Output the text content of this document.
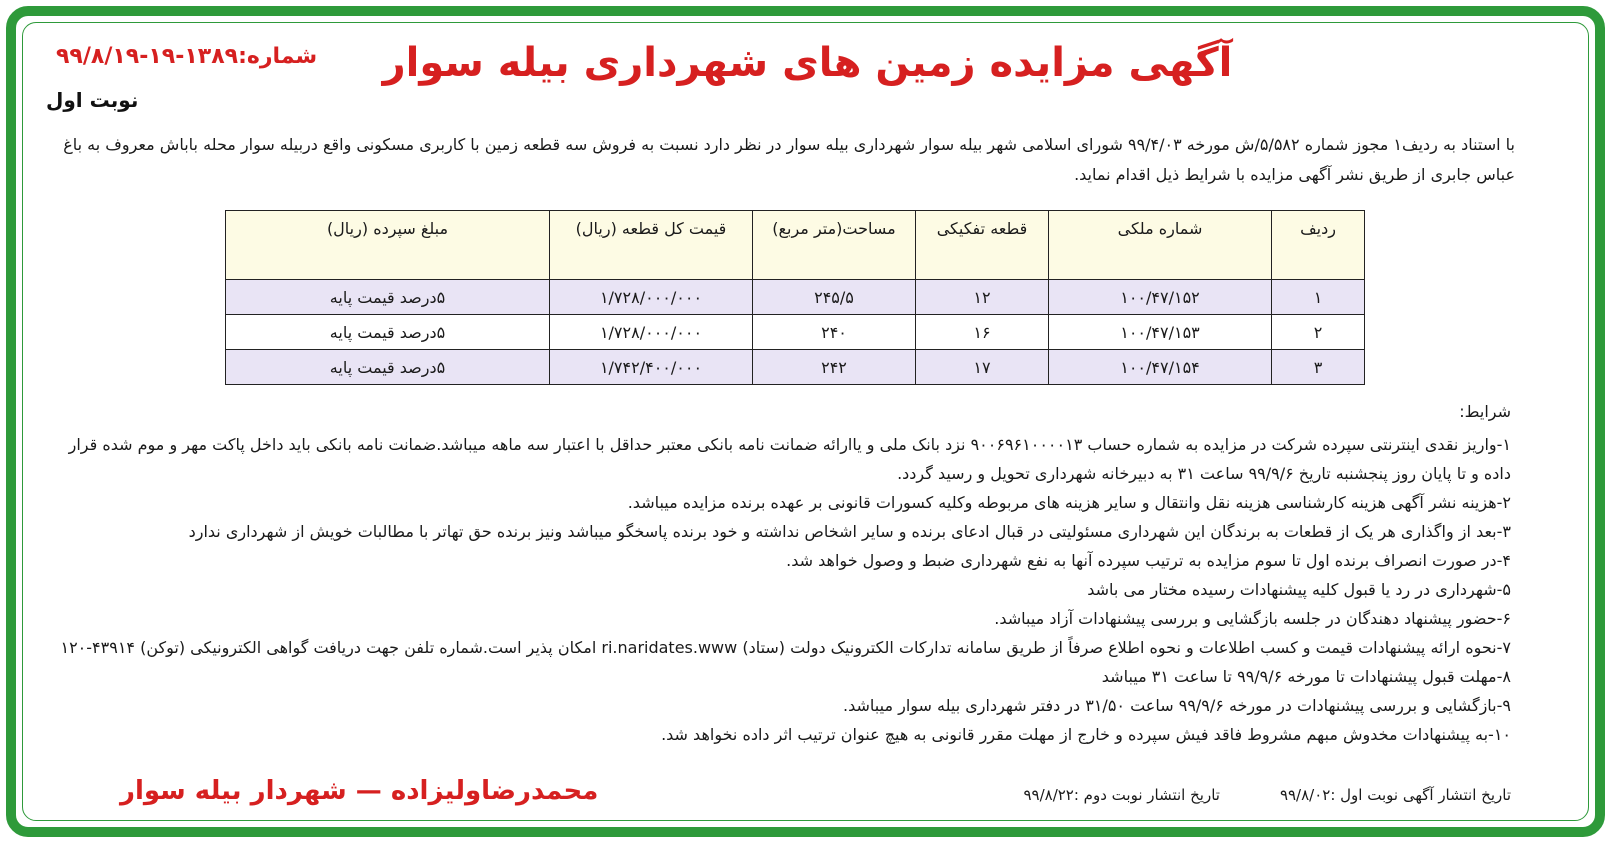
آگهی مزایده زمین های شهرداری بیله سوار
شماره:۱۳۸۹-۱۹-۹۹/۸/۱۹
نوبت اول
با استناد به ردیف۱ مجوز شماره ۵/۵۸۲/ش مورخه ۹۹/۴/۰۳ شورای اسلامی شهر بیله سوار شهرداری بیله سوار در نظر دارد نسبت به فروش سه قطعه زمین با کاربری مسکونی واقع دربیله سوار محله باباش معروف به باغ عباس جابری از طریق نشر آگهی مزایده با شرایط ذیل اقدام نماید.
ردیف	شماره ملکی	قطعه تفکیکی	مساحت(متر مربع)	قیمت کل قطعه (ریال)	مبلغ سپرده (ریال)
۱	۱۰۰/۴۷/۱۵۲	۱۲	۲۴۵/۵	۱/۷۲۸/۰۰۰/۰۰۰	۵درصد قیمت پایه
۲	۱۰۰/۴۷/۱۵۳	۱۶	۲۴۰	۱/۷۲۸/۰۰۰/۰۰۰	۵درصد قیمت پایه
۳	۱۰۰/۴۷/۱۵۴	۱۷	۲۴۲	۱/۷۴۲/۴۰۰/۰۰۰	۵درصد قیمت پایه
شرایط:

۱-واریز نقدی اینترنتی سپرده شرکت در مزایده به شماره حساب ۹۰۰۶۹۶۱۰۰۰۰۱۳ نزد بانک ملی و یاارائه ضمانت نامه بانکی معتبر حداقل با اعتبار سه ماهه میباشد.ضمانت نامه بانکی باید داخل پاکت مهر و موم شده قرار داده و تا پایان روز پنجشنبه تاریخ ۹۹/۹/۶ ساعت ۳۱ به دبیرخانه شهرداری تحویل و رسید گردد.

۲-هزینه نشر آگهی هزینه کارشناسی هزینه نقل وانتقال و سایر هزینه های مربوطه وکلیه کسورات قانونی بر عهده برنده مزایده میباشد.

۳-بعد از واگذاری هر یک از قطعات به برندگان این شهرداری مسئولیتی در قبال ادعای برنده و سایر اشخاص نداشته و خود برنده پاسخگو میباشد ونیز برنده حق تهاتر با مطالبات خویش از شهرداری ندارد

۴-در صورت انصراف برنده اول تا سوم مزایده به ترتیب سپرده آنها به نفع شهرداری ضبط و وصول خواهد شد.

۵-شهرداری در رد یا قبول کلیه پیشنهادات رسیده مختار می باشد

۶-حضور پیشنهاد دهندگان در جلسه بازگشایی و بررسی پیشنهادات آزاد میباشد.

۷-نحوه ارائه پیشنهادات قیمت و کسب اطلاعات و نحوه اطلاع صرفاً از طریق سامانه تدارکات الکترونیک دولت (ستاد) ri.naridates.www امکان پذیر است.شماره تلفن جهت دریافت گواهی الکترونیکی (توکن) ۴۳۹۱۴-۱۲۰

۸-مهلت قبول پیشنهادات تا مورخه ۹۹/۹/۶ تا ساعت ۳۱ میباشد

۹-بازگشایی و بررسی پیشنهادات در مورخه ۹۹/۹/۶ ساعت ۳۱/۵۰ در دفتر شهرداری بیله سوار میباشد.

۱۰-به پیشنهادات مخدوش مبهم مشروط فاقد فیش سپرده و خارج از مهلت مقرر قانونی به هیچ عنوان ترتیب اثر داده نخواهد شد.

تاریخ انتشار آگهی نوبت اول :۹۹/۸/۰۲
تاریخ انتشار نوبت دوم :۹۹/۸/۲۲
محمدرضاولیزاده — شهردار بیله سوار
